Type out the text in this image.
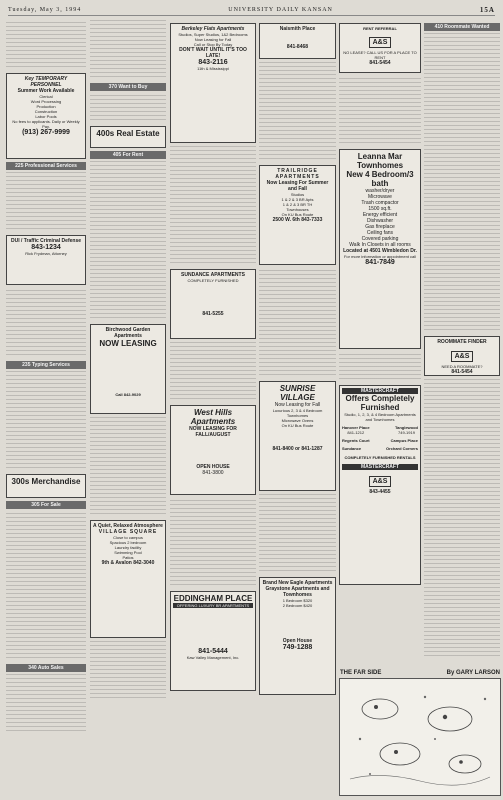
Tuesday, May 3, 1994	UNIVERSITY DAILY KANSAN	15A
Key TEMPORARY PERSONNEL
Summer Work Available
Clerical
Word Processing
Production
Construction
Labor Pools
No fees to applicants. Daily or Weekly Pay.
(913) 267-9999
225 Professional Services
DUI / Traffic Criminal Defense
843-1234
Rick Frydman, Attorney
235 Typing Services
300s Merchandise
305 For Sale
340 Auto Sales
370 Want to Buy
400s Real Estate
405 For Rent
Birchwood Garden Apartments
NOW LEASING
Call 842-9029
A Quiet, Relaxed Atmosphere
VILLAGE SQUARE
Close to campus
Spacious 2 bedroom
Laundry facility
Swimming Pool
Patios
9th & Avalon 842-3040
Berkeley Flats Apartments
Studios, Super Studios, 1&2 Bedrooms
Now Leasing for Fall
Call or Stop By Today
DON'T WAIT UNTIL IT'S TOO LATE!
843-2116
11th & Mississippi
SUNDANCE APARTMENTS
COMPLETELY FURNISHED
841-5255
West Hills Apartments
NOW LEASING FOR FALL/AUGUST
OPEN HOUSE
841-3800
EDDINGHAM PLACE
OFFERING LUXURY BR APARTMENTS
841-5444
Kaw Valley Management, Inc.
Naismith Place
841-8468
TRAILRIDGE APARTMENTS
Now Leasing For Summer and Fall
Studios
1 & 2 & 3 BR Apts
1 & 2 & 3 BR TH
Townhouses
On KU Bus Route
2500 W. 6th 843-7333
SUNRISE VILLAGE
Now Leasing for Fall
Luxurious 2, 3 & 4 Bedroom Townhomes
Microwave Ovens
On KU Bus Route
841-8400 or 841-1287
Brand New Eagle Apartments
Graystone Apartments and Townhomes
1 Bedroom $320
2 Bedroom $420
Open House
749-1288
RENT REFERRAL
A&S
NO LEASE? CALL US FOR A PLACE TO RENT
841-5454
Leanna Mar Townhomes
New 4 Bedroom/3 bath
washer/dryer
Microwave
Trash compactor
1500 sq.ft.
Energy efficient
Dishwasher
Gas fireplace
Ceiling fans
Covered parking
Walk In Closets in all rooms
Located at 4501 Wimbledon Dr.
For more information or appointment call
841-7849
MASTERCRAFT
Offers Completely Furnished
Studio, 1, 2, 3, & 4 Bedroom Apartments and Townhomes
Hanover Place
841-1212
Tanglewood
749-1919
Regents Court	Campus Place
Sundance	Orchard Corners
COMPLETELY FURNISHED RENTALS
MASTERCRAFT
A&S
843-4455
410 Roommate Wanted
ROOMMATE FINDER
A&S
NEED A ROOMMATE?
841-5454
THE FAR SIDE	By GARY LARSON
